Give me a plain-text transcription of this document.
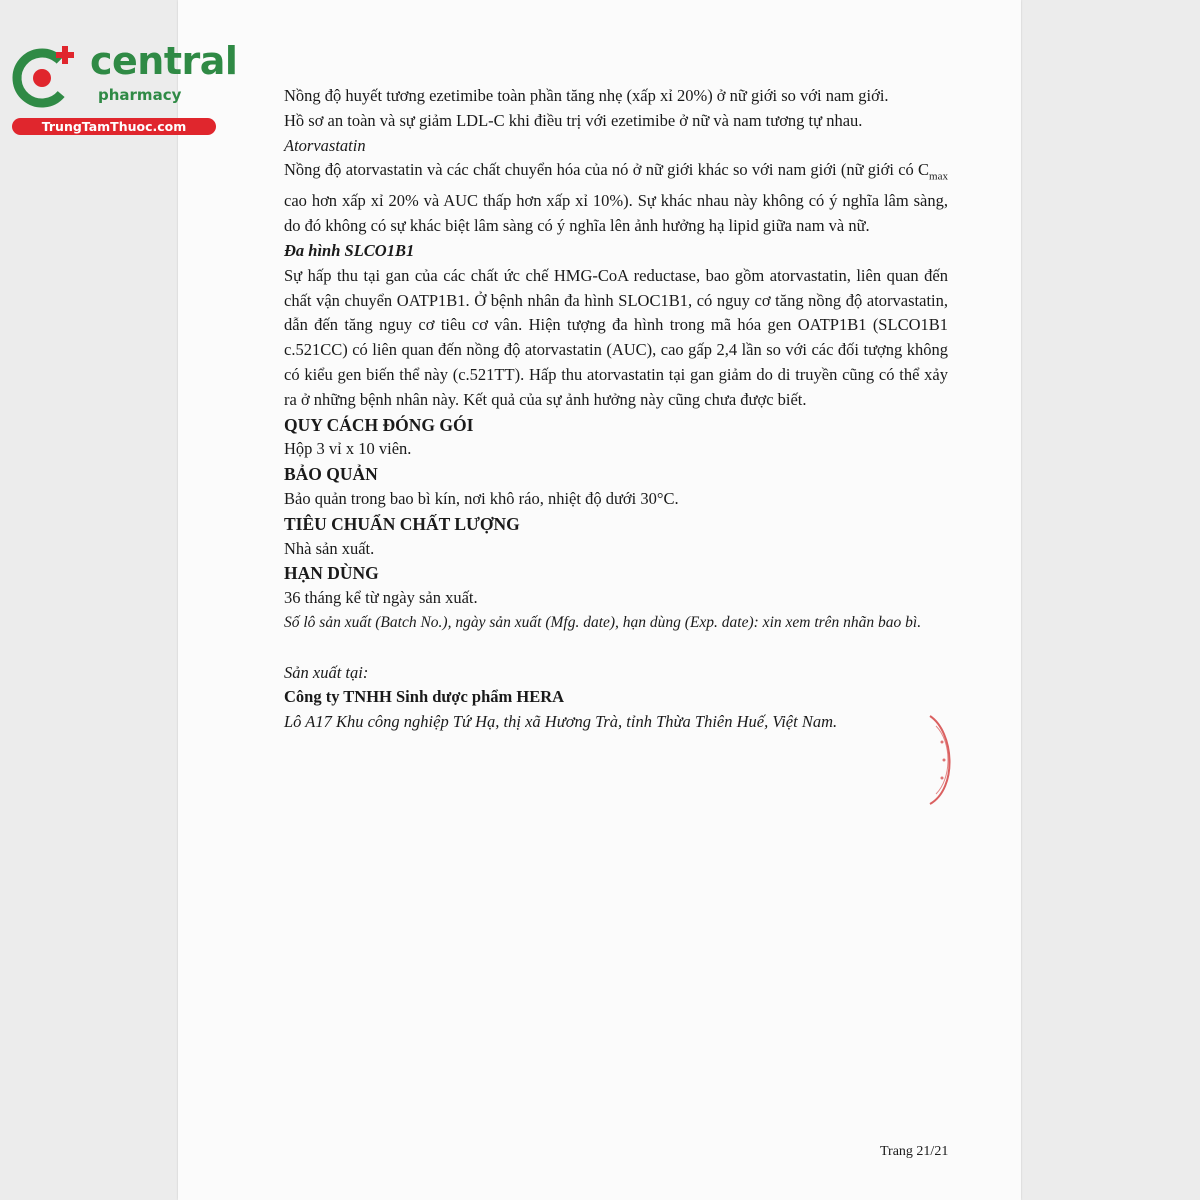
central
pharmacy
TrungTamThuoc.com

Nồng độ huyết tương ezetimibe toàn phần tăng nhẹ (xấp xỉ 20%) ở nữ giới so với nam giới.

Hồ sơ an toàn và sự giảm LDL-C khi điều trị với ezetimibe ở nữ và nam tương tự nhau.

Atorvastatin

Nồng độ atorvastatin và các chất chuyển hóa của nó ở nữ giới khác so với nam giới (nữ giới có $C_{max}$ cao hơn xấp xỉ 20% và AUC thấp hơn xấp xỉ 10%). Sự khác nhau này không có ý nghĩa lâm sàng, do đó không có sự khác biệt lâm sàng có ý nghĩa lên ảnh hưởng hạ lipid giữa nam và nữ.

Đa hình SLCO1B1

Sự hấp thu tại gan của các chất ức chế HMG-CoA reductase, bao gồm atorvastatin, liên quan đến chất vận chuyển OATP1B1. Ở bệnh nhân đa hình SLOC1B1, có nguy cơ tăng nồng độ atorvastatin, dẫn đến tăng nguy cơ tiêu cơ vân. Hiện tượng đa hình trong mã hóa gen OATP1B1 (SLCO1B1 c.521CC) có liên quan đến nồng độ atorvastatin (AUC), cao gấp 2,4 lần so với các đối tượng không có kiểu gen biến thể này (c.521TT). Hấp thu atorvastatin tại gan giảm do di truyền cũng có thể xảy ra ở những bệnh nhân này. Kết quả của sự ảnh hưởng này cũng chưa được biết.

QUY CÁCH ĐÓNG GÓI

Hộp 3 vỉ x 10 viên.

BẢO QUẢN

Bảo quản trong bao bì kín, nơi khô ráo, nhiệt độ dưới 30°C.

TIÊU CHUẨN CHẤT LƯỢNG

Nhà sản xuất.

HẠN DÙNG

36 tháng kể từ ngày sản xuất.

Số lô sản xuất (Batch No.), ngày sản xuất (Mfg. date), hạn dùng (Exp. date): xin xem trên nhãn bao bì.

Sản xuất tại:

Công ty TNHH Sinh dược phẩm HERA

Lô A17 Khu công nghiệp Tứ Hạ, thị xã Hương Trà, tỉnh Thừa Thiên Huế, Việt Nam.

Trang 21/21
